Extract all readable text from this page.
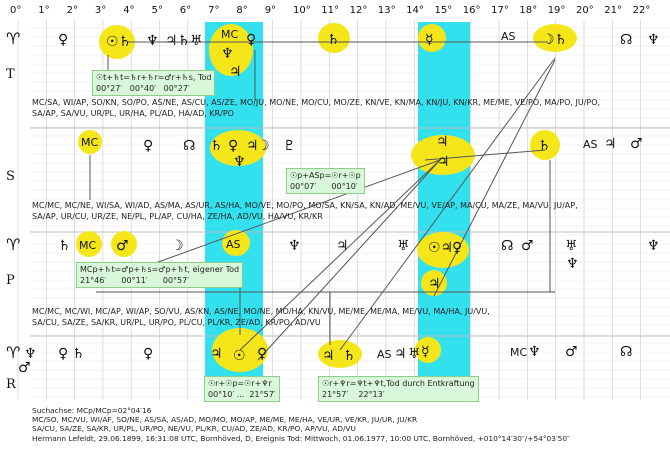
0° 1° 2° 3° 4° 5° 6° 7° 8° 9° 10° 11° 12° 13° 14° 15° 16° 17° 18° 19° 20° 21° 22°
T
S
P
R
♈	♀	☉♄ ♆ ♃♄ ♅ MC
♆
♀
♃
♄	☿	AS ☽♄	☊ ♆
MC	♀ ☊ ♄ ♀ ♃
♆
☽ ♇	♃
♃
♄	AS ♃ ♂
♈	♄ MC ♂	☽	AS	♆	♃	♅ ☉♃
♀
♃
☊ ♂ ♅
♆
♆
♈ ♆
♂
♀ ♄	♀	♃ ☉ ♀	♃ ♄ AS ♃ ♅ ☿	MC ♆ ♂	☊
MC/SA, WI/AP, SO/KN, SO/PO, AS/NE, AS/CU, AS/ZE, MO/JU, MO/NE, MO/CU, MO/ZE, KN/VE, KN/MA, KN/JU, KN/KR, ME/ME, VE/PO, MA/PO, JU/PO,
SA/AP, SA/VU, UR/PL, UR/HA, PL/AD, HA/AD, KR/PO
MC/MC, MC/NE, WI/SA, WI/AD, AS/MA, AS/UR, AS/HA, MO/VE, MO/PO, MO/SA, KN/SA, KN/AD, ME/VU, VE/AP, MA/CU, MA/ZE, MA/VU, JU/AP,
SA/AP, UR/CU, UR/ZE, NE/PL, PL/AP, CU/HA, ZE/HA, AD/VU, HA/VU, KR/KR
MC/MC, MC/WI, MC/AP, WI/AP, SO/VU, AS/KN, AS/NE, MO/NE, MO/HA, KN/VU, ME/ME, ME/MA, ME/VU, MA/HA, JU/VU,
SA/CU, SA/ZE, SA/KR, UR/PL, UR/PO, PL/CU, PL/KR, ZE/AD, KR/PO, AD/VU
☉t+♄t=♄r+♄r=♂r+♄s, Tod
00°27′   00°40′   00°27′
☉p+ASp=☉r+☉p
00°07′      00°10′
MCp+♄t=♂p+♄s=♂p+♄t, eigener Tod
21°46′      00°11′      00°57′
☉r+☉p=☉r+♆r
00°10′ ...  21°57′
☉r+♆r=♆t+♆t,Tod durch Entkraftung
21°57′    22°13′
Suchachse: MCp/MCp=02°04′16
MC/SO, MC/VU, WI/AF, SO/NE, AS/SA, AS/AD, MO/MO, MO/AP, ME/ME, ME/HA, VE/UR, VE/KR, JU/UR, JU/KR
SA/CU, SA/ZE, SA/KR, UR/PL, UR/PO, NE/VU, PL/KR, CU/AD, ZE/AD, KR/PO, AP/VU, AD/VU
Hermann Lefeldt, 29.06.1899, 16:31:08 UTC, Bornhöved, D, Ereignis Tod: Mittwoch, 01.06.1977, 10:00 UTC, Bornhöved, +010°14′30″/+54°03′50″
